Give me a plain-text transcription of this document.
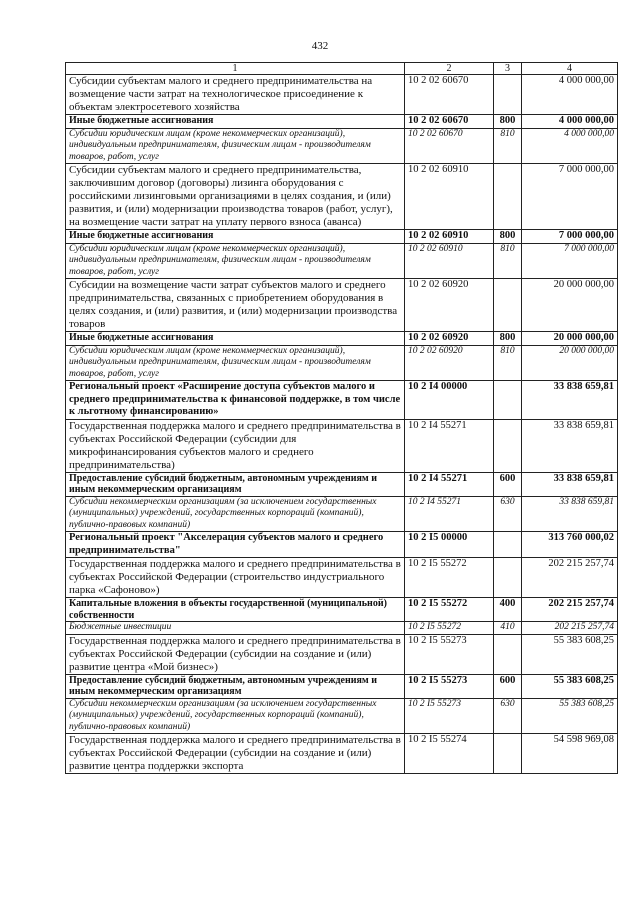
432
1	2	3	4
Субсидии субъектам малого и среднего предпринимательства на возмещение части затрат на технологическое присоединение к объектам электросетевого хозяйства	10 2 02 60670		4 000 000,00
Иные бюджетные ассигнования	10 2 02 60670	800	4 000 000,00
Субсидии юридическим лицам (кроме некоммерческих организаций), индивидуальным предпринимателям, физическим лицам - производителям товаров, работ, услуг	10 2 02 60670	810	4 000 000,00
Субсидии субъектам малого и среднего предпринимательства, заключившим договор (договоры) лизинга оборудования с российскими лизинговыми организациями в целях создания, и (или) развития, и (или) модернизации производства товаров (работ, услуг), на возмещение части затрат на уплату первого взноса (аванса)	10 2 02 60910		7 000 000,00
Иные бюджетные ассигнования	10 2 02 60910	800	7 000 000,00
Субсидии юридическим лицам (кроме некоммерческих организаций), индивидуальным предпринимателям, физическим лицам - производителям товаров, работ, услуг	10 2 02 60910	810	7 000 000,00
Субсидии на возмещение части затрат субъектов малого и среднего предпринимательства, связанных с приобретением оборудования в целях создания, и (или) развития, и (или) модернизации производства товаров	10 2 02 60920		20 000 000,00
Иные бюджетные ассигнования	10 2 02 60920	800	20 000 000,00
Субсидии юридическим лицам (кроме некоммерческих организаций), индивидуальным предпринимателям, физическим лицам - производителям товаров, работ, услуг	10 2 02 60920	810	20 000 000,00
Региональный проект «Расширение доступа субъектов малого и среднего предпринимательства к финансовой поддержке, в том числе к льготному финансированию»	10 2 I4 00000		33 838 659,81
Государственная поддержка малого и среднего предпринимательства в субъектах Российской Федерации (субсидии для микрофинансирования субъектов малого и среднего предпринимательства)	10 2 I4 55271		33 838 659,81
Предоставление субсидий бюджетным, автономным учреждениям и иным некоммерческим организациям	10 2 I4 55271	600	33 838 659,81
Субсидии некоммерческим организациям (за исключением государственных (муниципальных) учреждений, государственных корпораций (компаний), публично-правовых компаний)	10 2 I4 55271	630	33 838 659,81
Региональный проект "Акселерация субъектов малого и среднего предпринимательства"	10 2 I5 00000		313 760 000,02
Государственная поддержка малого и среднего предпринимательства в субъектах Российской Федерации (строительство индустриального парка «Сафоново»)	10 2 I5 55272		202 215 257,74
Капитальные вложения в объекты государственной (муниципальной) собственности	10 2 I5 55272	400	202 215 257,74
Бюджетные инвестиции	10 2 I5 55272	410	202 215 257,74
Государственная поддержка малого и среднего предпринимательства в субъектах Российской Федерации (субсидии на создание и (или) развитие центра «Мой бизнес»)	10 2 I5 55273		55 383 608,25
Предоставление субсидий бюджетным, автономным учреждениям и иным некоммерческим организациям	10 2 I5 55273	600	55 383 608,25
Субсидии некоммерческим организациям (за исключением государственных (муниципальных) учреждений, государственных корпораций (компаний), публично-правовых компаний)	10 2 I5 55273	630	55 383 608,25
Государственная поддержка малого и среднего предпринимательства в субъектах Российской Федерации (субсидии на создание и (или) развитие центра поддержки экспорта	10 2 I5 55274		54 598 969,08
